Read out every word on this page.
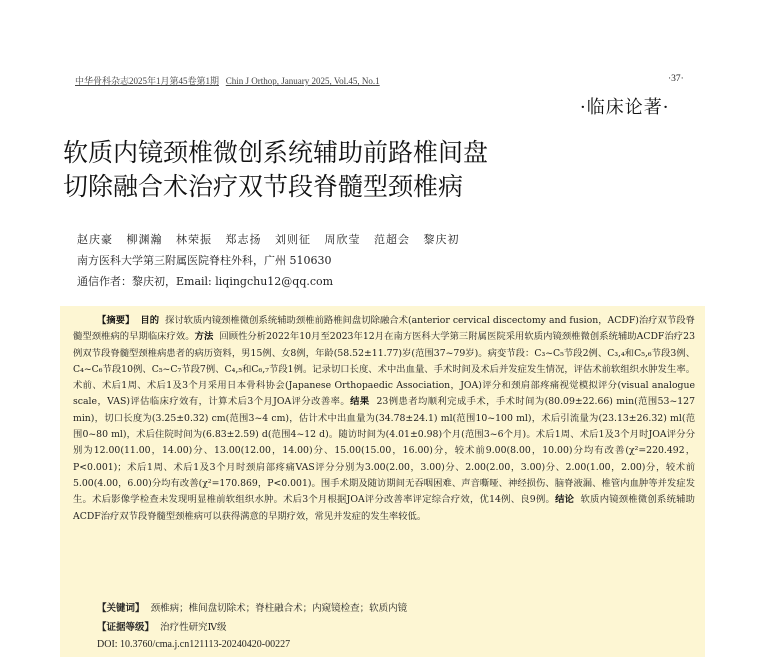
中华骨科杂志2025年1月第45卷第1期 Chin J Orthop, January 2025, Vol.45, No.1	·37·
·临床论著·
软质内镜颈椎微创系统辅助前路椎间盘
切除融合术治疗双节段脊髓型颈椎病
赵庆豪 柳渊瀚 林荣振 郑志扬 刘则征 周欣莹 范超会 黎庆初
南方医科大学第三附属医院脊柱外科，广州 510630
通信作者：黎庆初，Email: liqingchu12@qq.com
【摘要】 目的 探讨软质内镜颈椎微创系统辅助颈椎前路椎间盘切除融合术(anterior cervical discectomy and fusion，ACDF)治疗双节段脊髓型颈椎病的早期临床疗效。方法 回顾性分析2022年10月至2023年12月在南方医科大学第三附属医院采用软质内镜颈椎微创系统辅助ACDF治疗23例双节段脊髓型颈椎病患者的病历资料，男15例、女8例，年龄(58.52±11.77)岁(范围37~79岁)。病变节段：C₃~C₅节段2例、C₃,₄和C₅,₆节段3例、C₄~C₆节段10例、C₅~C₇节段7例、C₄,₅和C₆,₇节段1例。记录切口长度、术中出血量、手术时间及术后并发症发生情况，评估术前软组织水肿发生率。术前、术后1周、术后1及3个月采用日本骨科协会(Japanese Orthopaedic Association，JOA)评分和颈肩部疼痛视觉模拟评分(visual analogue scale，VAS)评估临床疗效有，计算术后3个月JOA评分改善率。结果 23例患者均顺利完成手术，手术时间为(80.09±22.66) min(范围53~127 min)，切口长度为(3.25±0.32) cm(范围3~4 cm)，估计术中出血量为(34.78±24.1) ml(范围10~100 ml)，术后引流量为(23.13±26.32) ml(范围0~80 ml)，术后住院时间为(6.83±2.59) d(范围4~12 d)。随访时间为(4.01±0.98)个月(范围3~6个月)。术后1周、术后1及3个月时JOA评分分别为12.00(11.00，14.00)分、13.00(12.00，14.00)分、15.00(15.00，16.00)分，较术前9.00(8.00，10.00)分均有改善(χ²=220.492，P<0.001)；术后1周、术后1及3个月时颈肩部疼痛VAS评分分别为3.00(2.00，3.00)分、2.00(2.00，3.00)分、2.00(1.00，2.00)分，较术前5.00(4.00，6.00)分均有改善(χ²=170.869，P<0.001)。围手术期及随访期间无吞咽困难、声音嘶哑、神经损伤、脑脊液漏、椎管内血肿等并发症发生。术后影像学检查未发现明显椎前软组织水肿。术后3个月根据JOA评分改善率评定综合疗效，优14例、良9例。结论 软质内镜颈椎微创系统辅助ACDF治疗双节段脊髓型颈椎病可以获得满意的早期疗效，常见并发症的发生率较低。
【关键词】 颈椎病；椎间盘切除术；脊柱融合术；内窥镜检查；软质内镜
【证据等级】 治疗性研究Ⅳ级
DOI: 10.3760/cma.j.cn121113-20240420-00227
